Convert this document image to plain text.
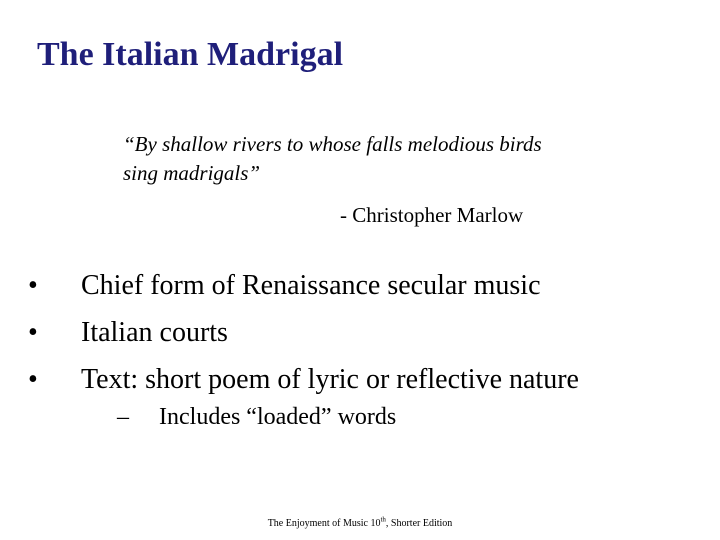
The Italian Madrigal
“By shallow rivers to whose falls melodious birds
sing madrigals”
- Christopher Marlow
• Chief form of Renaissance secular music
• Italian courts
• Text: short poem of lyric or reflective nature
– Includes “loaded” words
The Enjoyment of Music 10th, Shorter Edition
